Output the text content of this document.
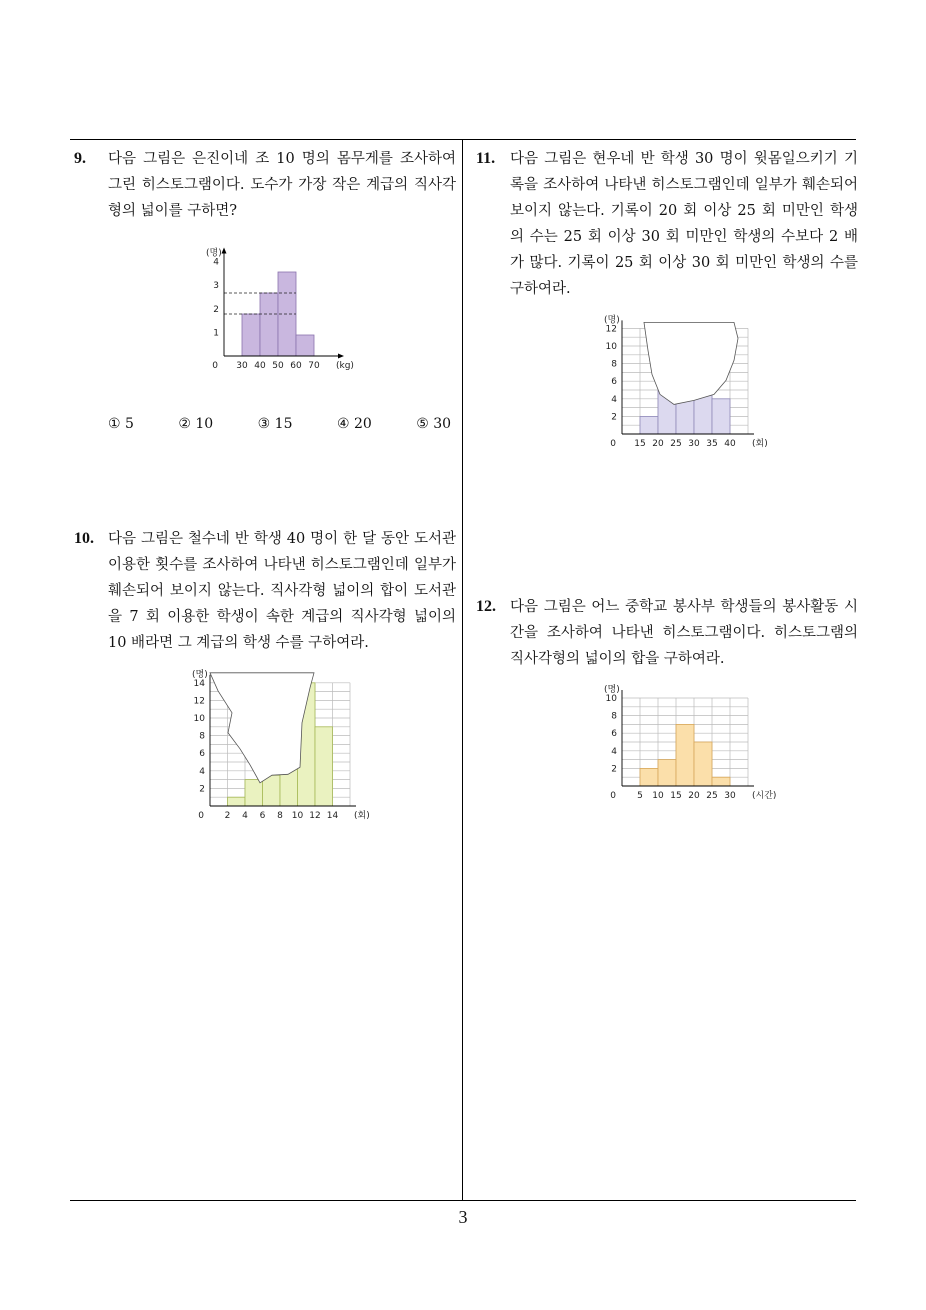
9. 다음 그림은 은진이네 조 10 명의 몸무게를 조사하여 그린 히스토그램이다. 도수가 가장 작은 계급의 직사각형의 넓이를 구하면?
1
2
3
4
30 40 50 60 70
0
(명)
(kg)
① 5	② 10	③ 15	④ 20	⑤ 30
10. 다음 그림은 철수네 반 학생 40 명이 한 달 동안 도서관 이용한 횟수를 조사하여 나타낸 히스토그램인데 일부가 훼손되어 보이지 않는다. 직사각형 넓이의 합이 도서관을 7 회 이용한 학생이 속한 계급의 직사각형 넓이의 10 배라면 그 계급의 학생 수를 구하여라.
2
4
6
8
10
12
14
2 4 6 8 10 12 14
0
(명)
(회)
11. 다음 그림은 현우네 반 학생 30 명이 윗몸일으키기 기록을 조사하여 나타낸 히스토그램인데 일부가 훼손되어 보이지 않는다. 기록이 20 회 이상 25 회 미만인 학생의 수는 25 회 이상 30 회 미만인 학생의 수보다 2 배가 많다. 기록이 25 회 이상 30 회 미만인 학생의 수를 구하여라.
2
4
6
8
10
12
15 20 25 30 35 40
0
(명)
(회)
12. 다음 그림은 어느 중학교 봉사부 학생들의 봉사활동 시간을 조사하여 나타낸 히스토그램이다. 히스토그램의 직사각형의 넓이의 합을 구하여라.
2
4
6
8
10
5 10 15 20 25 30
0
(명)
(시간)
3
